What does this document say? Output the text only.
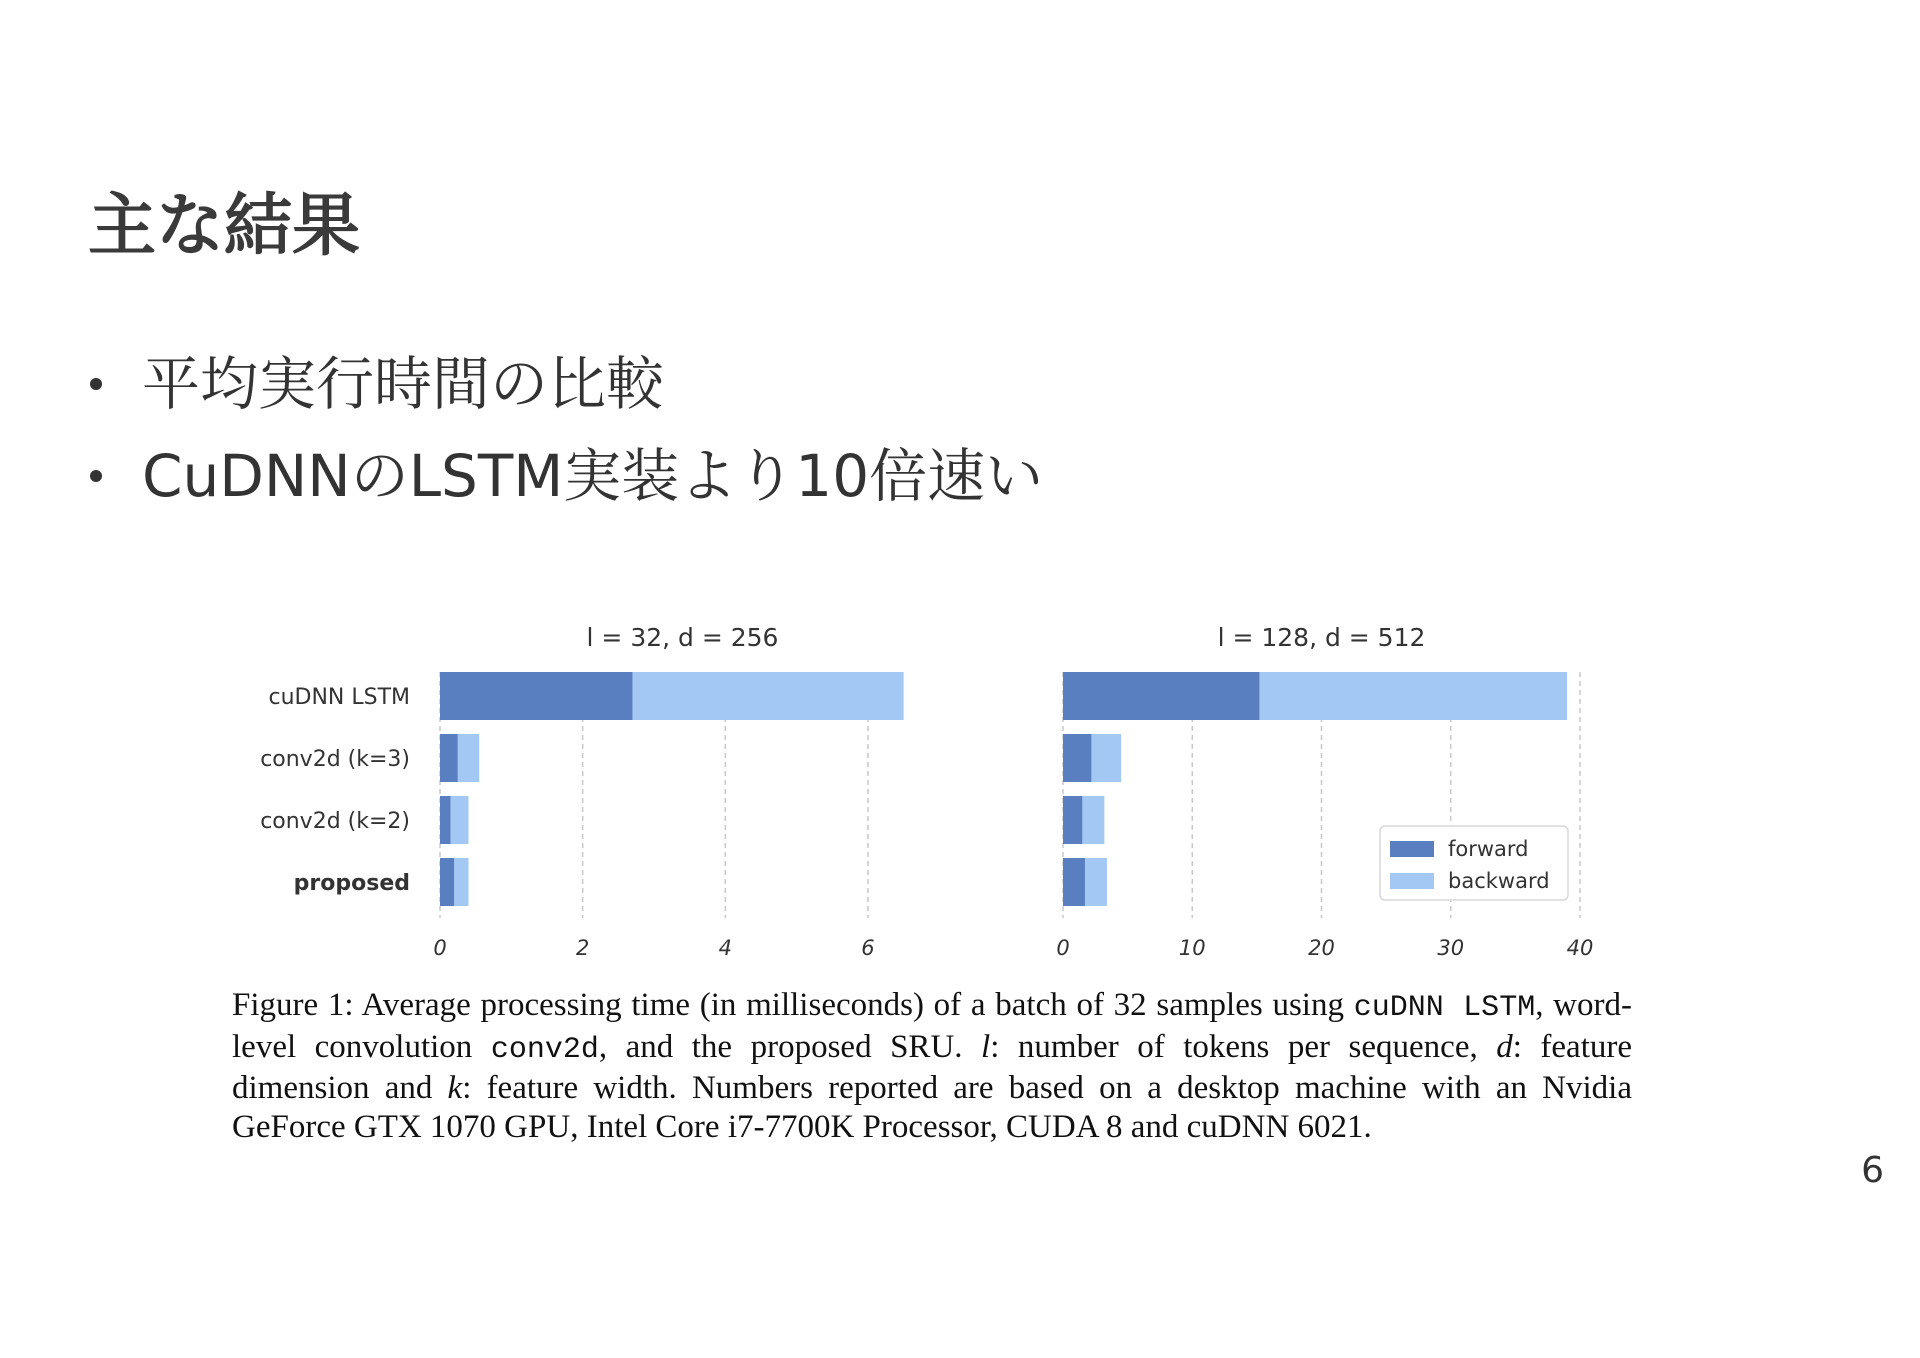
主な結果
平均実行時間の比較
CuDNNのLSTM実装より10倍速い
cuDNN LSTM
conv2d (k=3)
conv2d (k=2)
proposed
0	2	4	6
l = 32, d = 256
0	10	20	30	40
l = 128, d = 512
forward
backward

Figure 1: Average processing time (in milliseconds) of a batch of 32 samples using cuDNN LSTM, word-level convolution conv2d, and the proposed SRU. l: number of tokens per sequence, d: feature dimension and k: feature width. Numbers reported are based on a desktop machine with an Nvidia GeForce GTX 1070 GPU, Intel Core i7-7700K Processor, CUDA 8 and cuDNN 6021.

6
